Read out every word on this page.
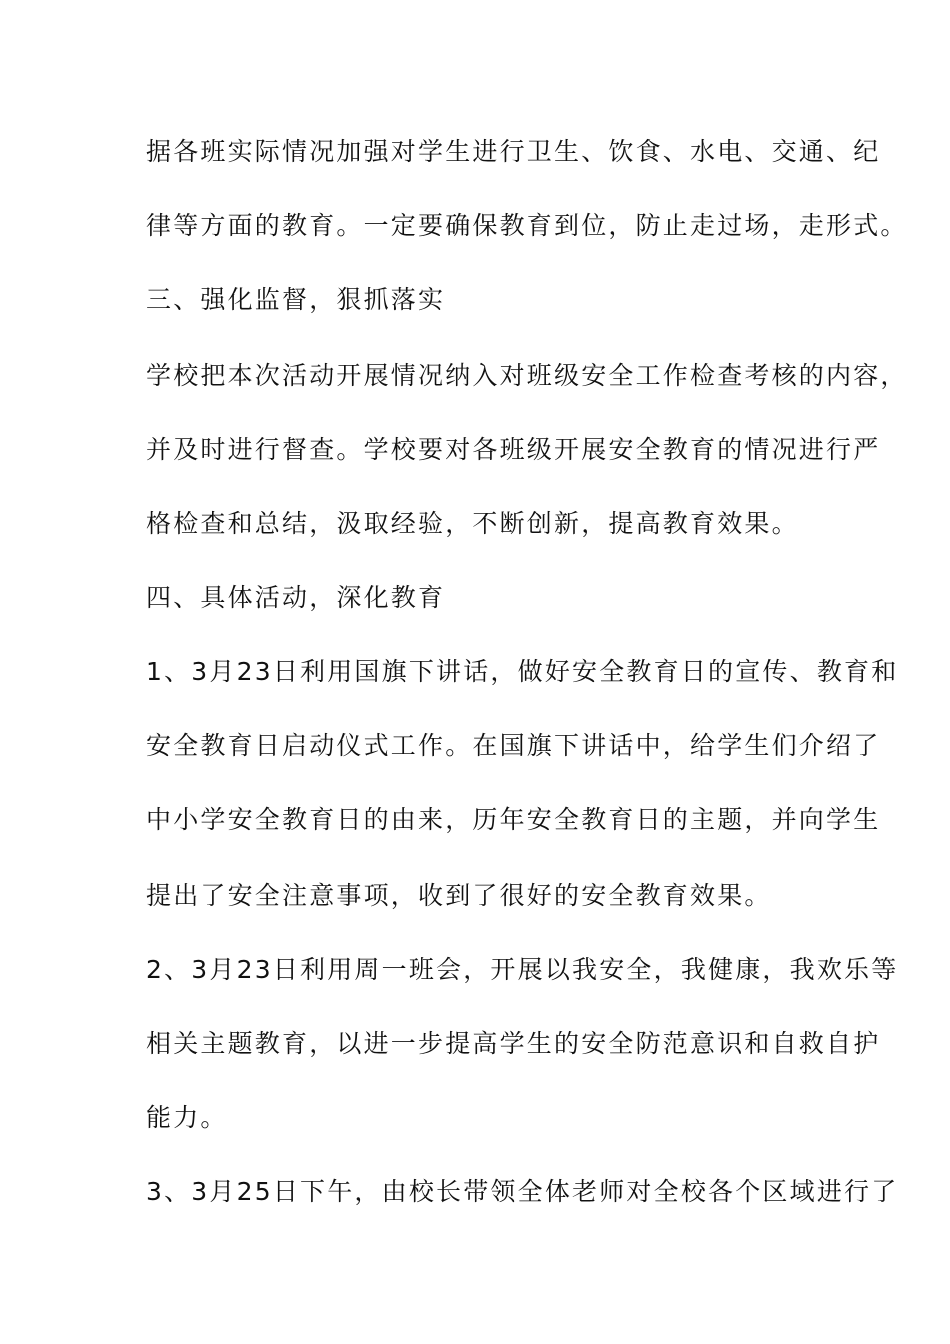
据各班实际情况加强对学生进行卫生、饮食、水电、交通、纪
律等方面的教育。一定要确保教育到位，防止走过场，走形式。
三、强化监督，狠抓落实
学校把本次活动开展情况纳入对班级安全工作检查考核的内容，
并及时进行督查。学校要对各班级开展安全教育的情况进行严
格检查和总结，汲取经验，不断创新，提高教育效果。
四、具体活动，深化教育
1、3月23日利用国旗下讲话，做好安全教育日的宣传、教育和
安全教育日启动仪式工作。在国旗下讲话中，给学生们介绍了
中小学安全教育日的由来，历年安全教育日的主题，并向学生
提出了安全注意事项，收到了很好的安全教育效果。
2、3月23日利用周一班会，开展以我安全，我健康，我欢乐等
相关主题教育，以进一步提高学生的安全防范意识和自救自护
能力。
3、3月25日下午，由校长带领全体老师对全校各个区域进行了
